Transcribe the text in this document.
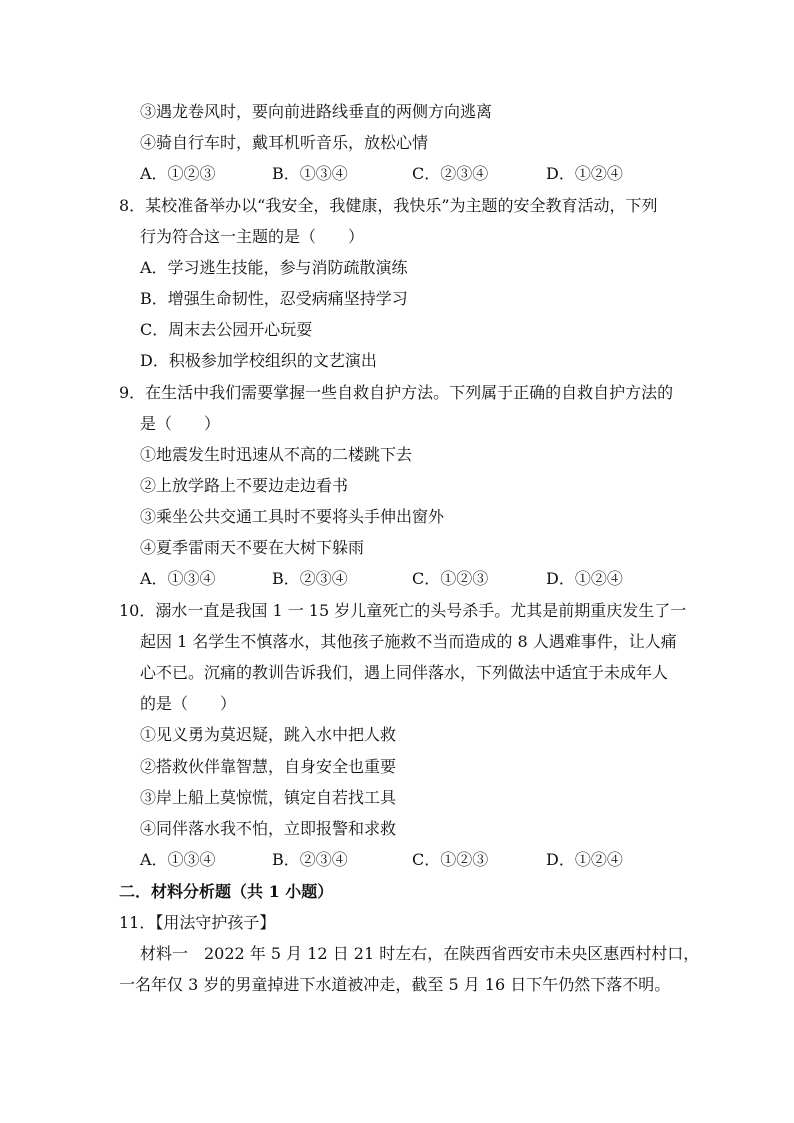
③遇龙卷风时，要向前进路线垂直的两侧方向逃离
④骑自行车时，戴耳机听音乐，放松心情
A．①②③	B．①③④	C．②③④	D．①②④
8．某校准备举办以“我安全，我健康，我快乐”为主题的安全教育活动，下列
行为符合这一主题的是（　　）
A．学习逃生技能，参与消防疏散演练
B．增强生命韧性，忍受病痛坚持学习
C．周末去公园开心玩耍
D．积极参加学校组织的文艺演出
9．在生活中我们需要掌握一些自救自护方法。下列属于正确的自救自护方法的
是（　　）
①地震发生时迅速从不高的二楼跳下去
②上放学路上不要边走边看书
③乘坐公共交通工具时不要将头手伸出窗外
④夏季雷雨天不要在大树下躲雨
A．①③④	B．②③④	C．①②③	D．①②④
10．溺水一直是我国 1 一 15 岁儿童死亡的头号杀手。尤其是前期重庆发生了一
起因 1 名学生不慎落水，其他孩子施救不当而造成的 8 人遇难事件，让人痛
心不已。沉痛的教训告诉我们，遇上同伴落水，下列做法中适宜于未成年人
的是（　　）
①见义勇为莫迟疑，跳入水中把人救
②搭救伙伴靠智慧，自身安全也重要
③岸上船上莫惊慌，镇定自若找工具
④同伴落水我不怕，立即报警和求救
A．①③④	B．②③④	C．①②③	D．①②④
二．材料分析题（共 1 小题）
11．【用法守护孩子】
材料一　2022 年 5 月 12 日 21 时左右，在陕西省西安市未央区惠西村村口，
一名年仅 3 岁的男童掉进下水道被冲走，截至 5 月 16 日下午仍然下落不明。
